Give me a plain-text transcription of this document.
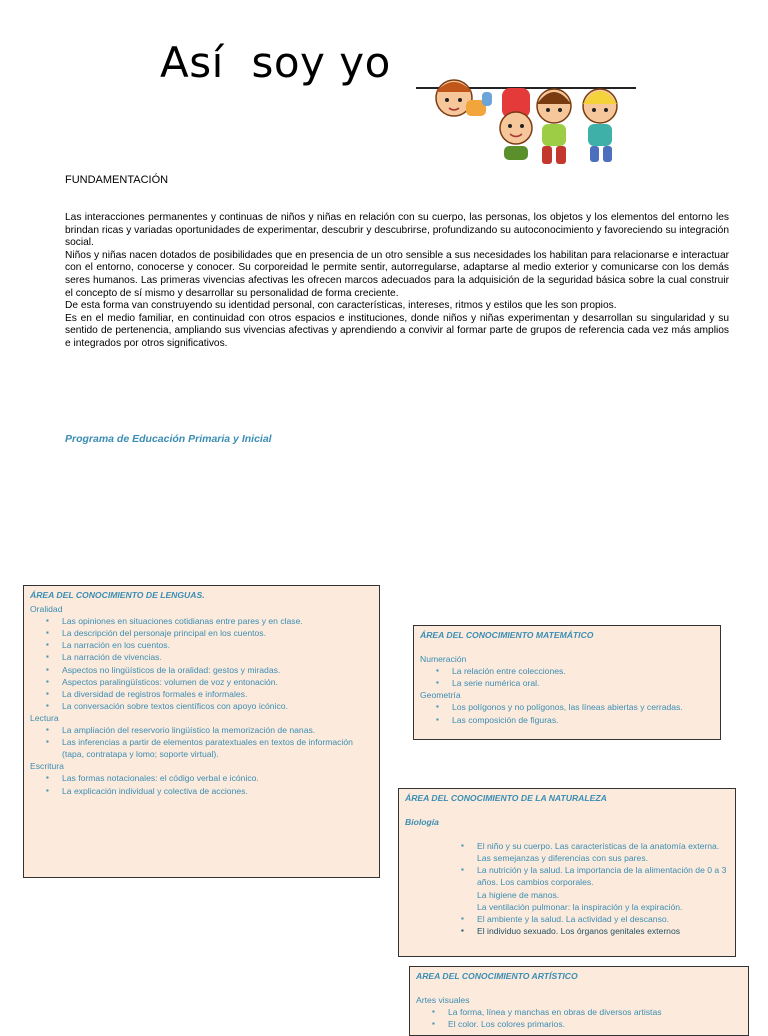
Así  soy yo
FUNDAMENTACIÓN

Las interacciones permanentes y continuas de niños y niñas en relación con su cuerpo, las personas, los objetos y los elementos del entorno les brindan ricas y variadas oportunidades de experimentar, descubrir y descubrirse, profundizando su autoconocimiento y favoreciendo su integración social.

Niños y niñas nacen dotados de posibilidades que en presencia de un otro sensible a sus necesidades los habilitan para relacionarse e interactuar con el entorno, conocerse y conocer. Su corporeidad le permite sentir, autorregularse, adaptarse al medio exterior y comunicarse con los demás seres humanos. Las primeras vivencias afectivas les ofrecen marcos adecuados para la adquisición de la seguridad básica sobre la cual construir el concepto de sí mismo y desarrollar su personalidad de forma creciente.

De esta forma van construyendo su identidad personal, con características, intereses, ritmos y estilos que les son propios.

Es en el medio familiar, en continuidad con otros espacios e instituciones, donde niños y niñas experimentan y desarrollan su singularidad y su sentido de pertenencia, ampliando sus vivencias afectivas y aprendiendo a convivir al formar parte de grupos de referencia cada vez más amplios e integrados por otros significativos.

Programa de Educación Primaria y Inicial
ÁREA DEL CONOCIMIENTO DE LENGUAS.
Oralidad
▪ Las opiniones en situaciones cotidianas entre pares y en clase.
▪ La descripción del personaje principal en los cuentos.
▪ La narración en los cuentos.
▪ La narración de vivencias.
▪ Aspectos no lingüísticos de la oralidad: gestos y miradas.
▪ Aspectos paralingüísticos: volumen de voz y entonación.
▪ La diversidad de registros formales e informales.
▪ La conversación sobre textos científicos con apoyo icónico.
Lectura
▪ La ampliación del reservorio lingüístico la memorización de nanas.
▪ Las inferencias a partir de elementos paratextuales en textos de información (tapa, contratapa y lomo; soporte virtual).
Escritura
▪ Las formas notacionales: el código verbal e icónico.
▪ La explicación individual y colectiva de acciones.
ÁREA DEL CONOCIMIENTO MATEMÁTICO
Numeración
▪ La relación entre colecciones.
▪ La serie numérica oral.
Geometría
▪ Los polígonos y no polígonos, las líneas abiertas y cerradas.
▪ Las composición de figuras.
ÁREA DEL CONOCIMIENTO DE LA NATURALEZA
Biología
▪ El niño y su cuerpo. Las características de la anatomía externa.
Las semejanzas y diferencias con sus pares.
▪ La nutrición y la salud. La importancia de la alimentación de 0 a 3 años. Los cambios corporales.
La higiene de manos.
La ventilación pulmonar: la inspiración y la expiración.
▪ El ambiente y la salud. La actividad y el descanso.
▪ El individuo sexuado. Los órganos genitales externos
AREA DEL CONOCIMIENTO ARTÍSTICO
Artes visuales
▪ La forma, línea y manchas en obras de diversos artistas
▪ El color. Los colores primarios.
